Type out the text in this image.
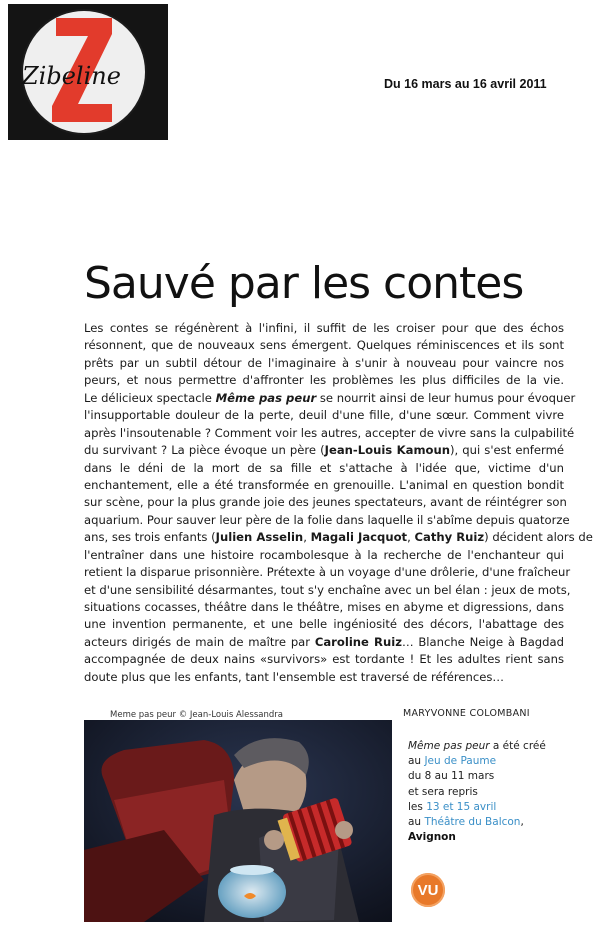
Zibeline	Du 16 mars au 16 avril 2011
Sauvé par les contes
Les contes se régénèrent à l'infini, il suffit de les croiser pour que des échos
résonnent, que de nouveaux sens émergent. Quelques réminiscences et ils sont
prêts par un subtil détour de l'imaginaire à s'unir à nouveau pour vaincre nos
peurs, et nous permettre d'affronter les problèmes les plus difficiles de la vie.
Le délicieux spectacle Même pas peur se nourrit ainsi de leur humus pour évoquer
l'insupportable douleur de la perte, deuil d'une fille, d'une sœur. Comment vivre
après l'insoutenable ? Comment voir les autres, accepter de vivre sans la culpabilité
du survivant ? La pièce évoque un père (Jean-Louis Kamoun), qui s'est enfermé
dans le déni de la mort de sa fille et s'attache à l'idée que, victime d'un
enchantement, elle a été transformée en grenouille. L'animal en question bondit
sur scène, pour la plus grande joie des jeunes spectateurs, avant de réintégrer son
aquarium. Pour sauver leur père de la folie dans laquelle il s'abîme depuis quatorze
ans, ses trois enfants (Julien Asselin, Magali Jacquot, Cathy Ruiz) décident alors de
l'entraîner dans une histoire rocambolesque à la recherche de l'enchanteur qui
retient la disparue prisonnière. Prétexte à un voyage d'une drôlerie, d'une fraîcheur
et d'une sensibilité désarmantes, tout s'y enchaîne avec un bel élan : jeux de mots,
situations cocasses, théâtre dans le théâtre, mises en abyme et digressions, dans
une invention permanente, et une belle ingéniosité des décors, l'abattage des
acteurs dirigés de main de maître par Caroline Ruiz… Blanche Neige à Bagdad
accompagnée de deux nains «survivors» est tordante ! Et les adultes rient sans
doute plus que les enfants, tant l'ensemble est traversé de références…
Meme pas peur © Jean-Louis Alessandra	MARYVONNE COLOMBANI
Même pas peur a été créé
au Jeu de Paume
du 8 au 11 mars
et sera repris
les 13 et 15 avril
au Théâtre du Balcon,
Avignon
VU
